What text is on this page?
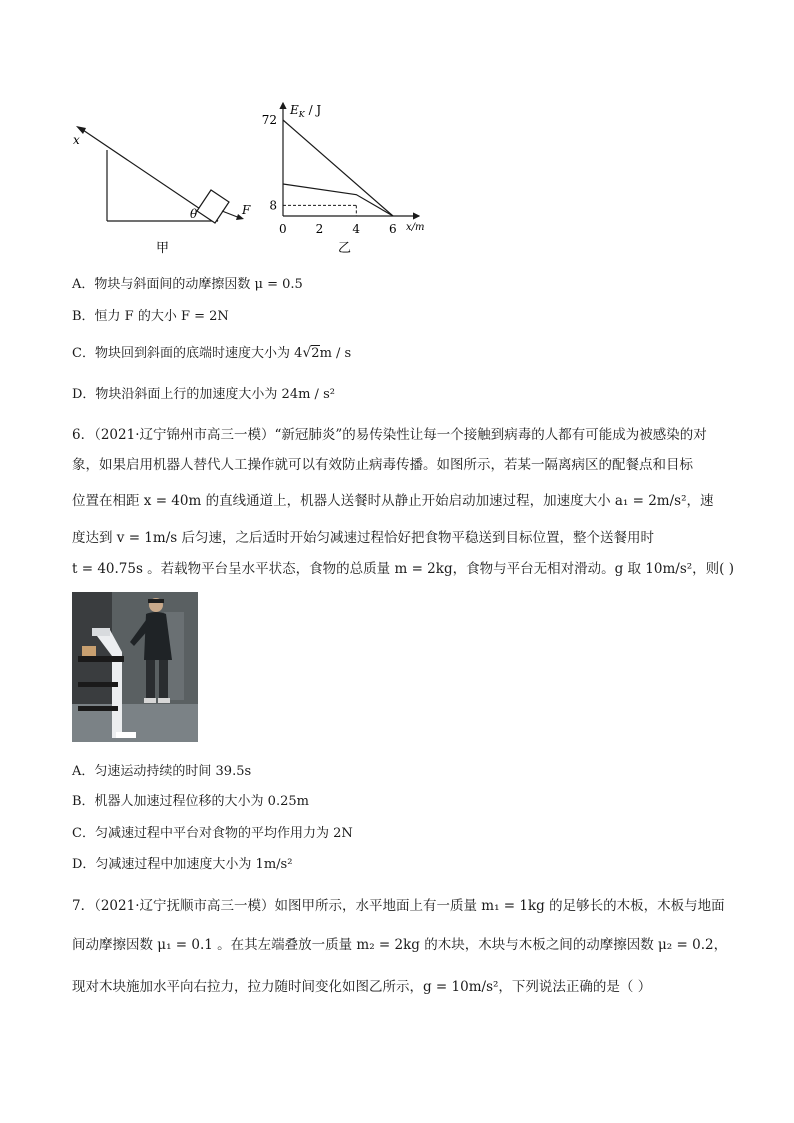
x
θ	F
甲
$E_K$ / J
x/m
乙
0 2 4 6
72
8
A．物块与斜面间的动摩擦因数 μ = 0.5
B．恒力 F 的大小 F = 2N
C．物块回到斜面的底端时速度大小为 4√2m / s
D．物块沿斜面上行的加速度大小为 24m / s²
6．（2021·辽宁锦州市高三一模）“新冠肺炎”的易传染性让每一个接触到病毒的人都有可能成为被感染的对
象，如果启用机器人替代人工操作就可以有效防止病毒传播。如图所示，若某一隔离病区的配餐点和目标
位置在相距 x = 40m 的直线通道上，机器人送餐时从静止开始启动加速过程，加速度大小 a₁ = 2m/s²，速
度达到 v = 1m/s 后匀速，之后适时开始匀减速过程恰好把食物平稳送到目标位置，整个送餐用时
t = 40.75s 。若载物平台呈水平状态，食物的总质量 m = 2kg，食物与平台无相对滑动。g 取 10m/s²，则( )
A．匀速运动持续的时间 39.5s
B．机器人加速过程位移的大小为 0.25m
C．匀减速过程中平台对食物的平均作用力为 2N
D．匀减速过程中加速度大小为 1m/s²
7．（2021·辽宁抚顺市高三一模）如图甲所示，水平地面上有一质量 m₁ = 1kg 的足够长的木板，木板与地面
间动摩擦因数 μ₁ = 0.1 。在其左端叠放一质量 m₂ = 2kg 的木块，木块与木板之间的动摩擦因数 μ₂ = 0.2，
现对木块施加水平向右拉力，拉力随时间变化如图乙所示，g = 10m/s²，下列说法正确的是（ ）
